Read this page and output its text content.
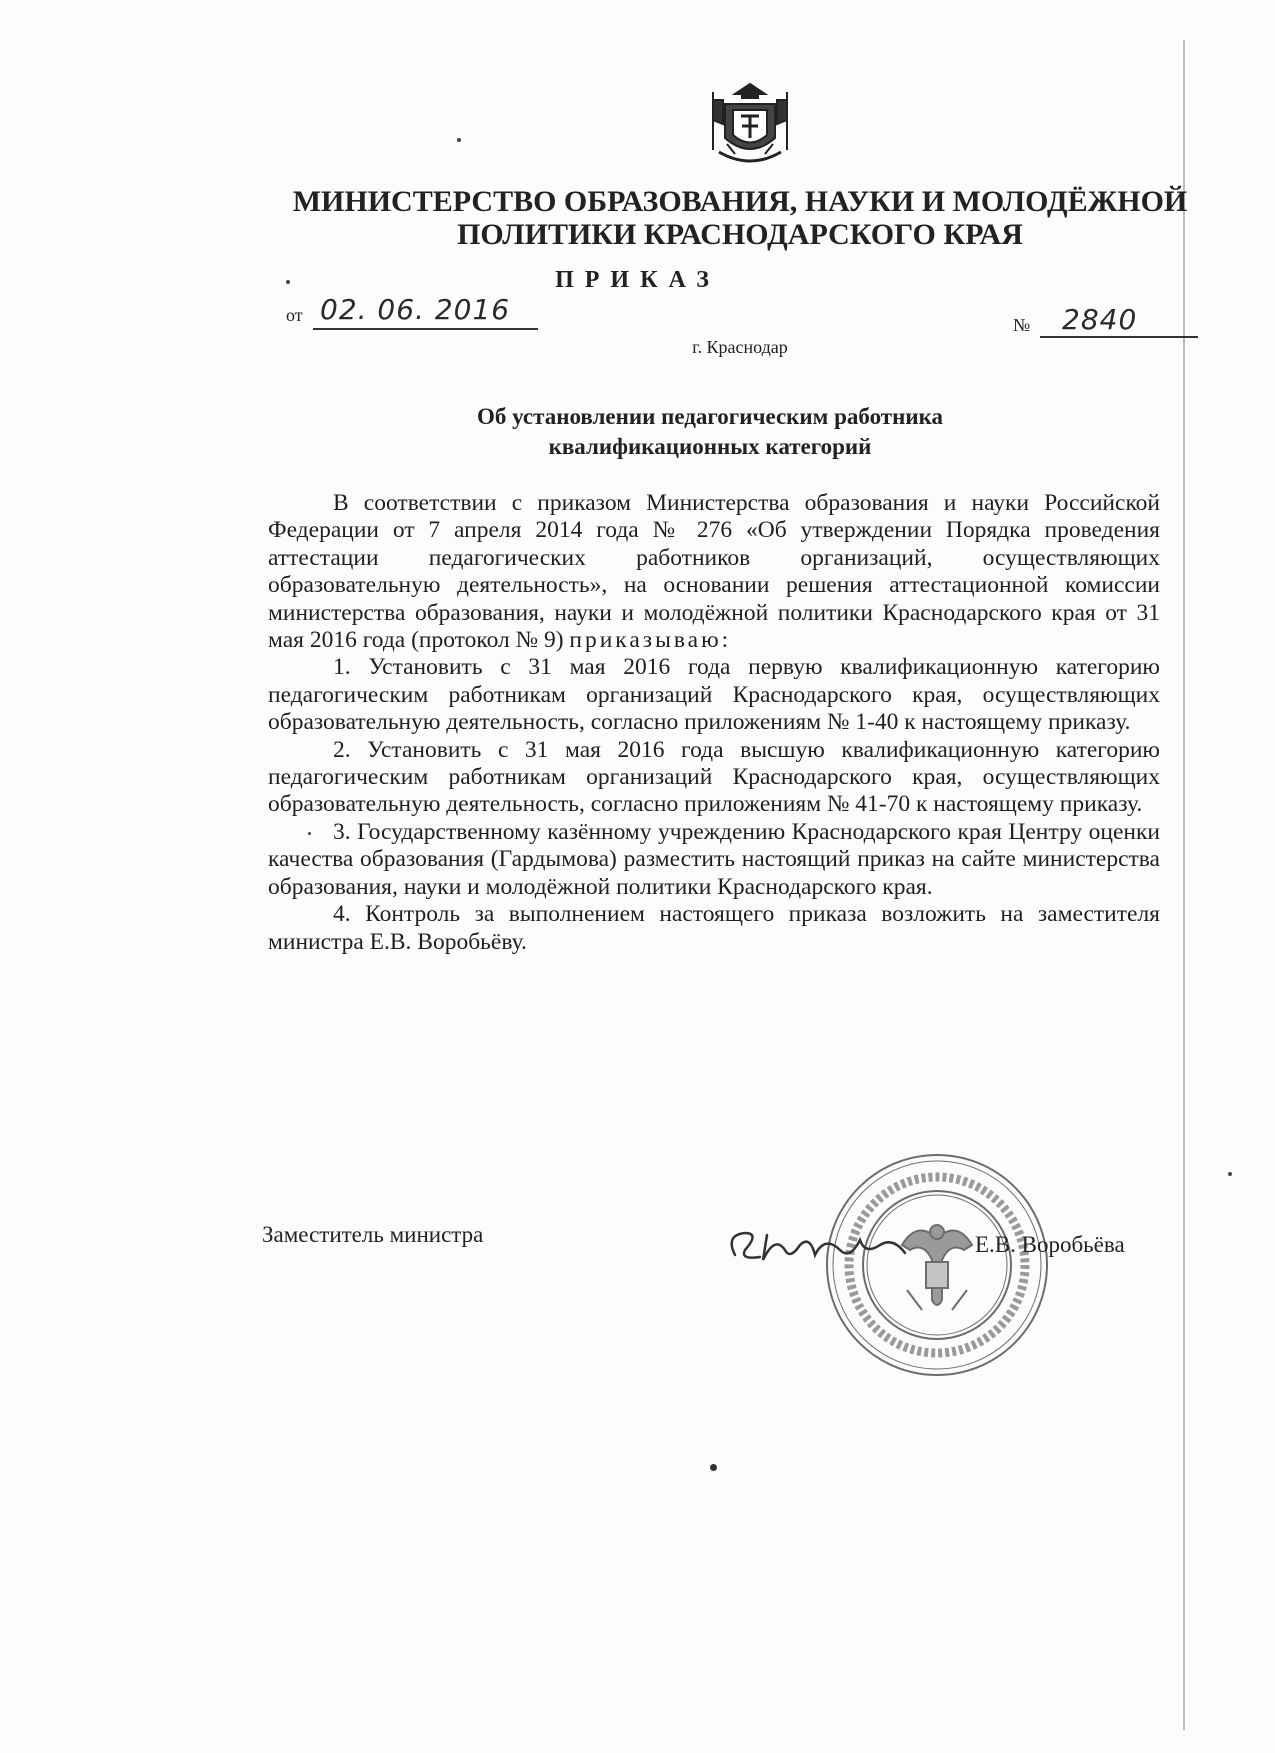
МИНИСТЕРСТВО ОБРАЗОВАНИЯ, НАУКИ И МОЛОДЁЖНОЙ
ПОЛИТИКИ КРАСНОДАРСКОГО КРАЯ
ПРИКАЗ
от 02. 06. 2016	№ 2840
г. Краснодар
Об установлении педагогическим работника
квалификационных категорий

В соответствии с приказом Министерства образования и науки Российской Федерации от 7 апреля 2014 года № 276 «Об утверждении Порядка проведения аттестации педагогических работников организаций, осуществляющих образовательную деятельность», на основании решения аттестационной комиссии министерства образования, науки и молодёжной политики Краснодарского края от 31 мая 2016 года (протокол № 9) приказываю:

1. Установить с 31 мая 2016 года первую квалификационную категорию педагогическим работникам организаций Краснодарского края, осуществляющих образовательную деятельность, согласно приложениям № 1-40 к настоящему приказу.

2. Установить с 31 мая 2016 года высшую квалификационную категорию педагогическим работникам организаций Краснодарского края, осуществляющих образовательную деятельность, согласно приложениям № 41-70 к настоящему приказу.

3. Государственному казённому учреждению Краснодарского края Центру оценки качества образования (Гардымова) разместить настоящий приказ на сайте министерства образования, науки и молодёжной политики Краснодарского края.

4. Контроль за выполнением настоящего приказа возложить на заместителя министра Е.В. Воробьёву.

Заместитель министра	Е.В. Воробьёва
